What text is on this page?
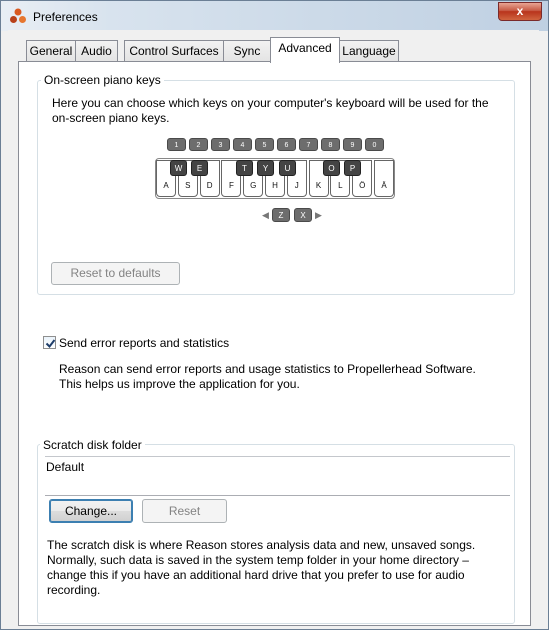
Preferences	x
General Audio	Control Surfaces	Sync	Advanced Language
On-screen piano keys
Here you can choose which keys on your computer's keyboard will be used for the on-screen piano keys.
1	2	3	4	5	6	7	8	9	0
A	S	D	F	G	H	J	K	L	Ö	Ä
W	E	T	Y	U	O	P
◀	Z	X	▶
Reset to defaults
Send error reports and statistics
Reason can send error reports and usage statistics to Propellerhead Software. This helps us improve the application for you.
Scratch disk folder
Default
Change...	Reset
The scratch disk is where Reason stores analysis data and new, unsaved songs. Normally, such data is saved in the system temp folder in your home directory – change this if you have an additional hard drive that you prefer to use for audio recording.
